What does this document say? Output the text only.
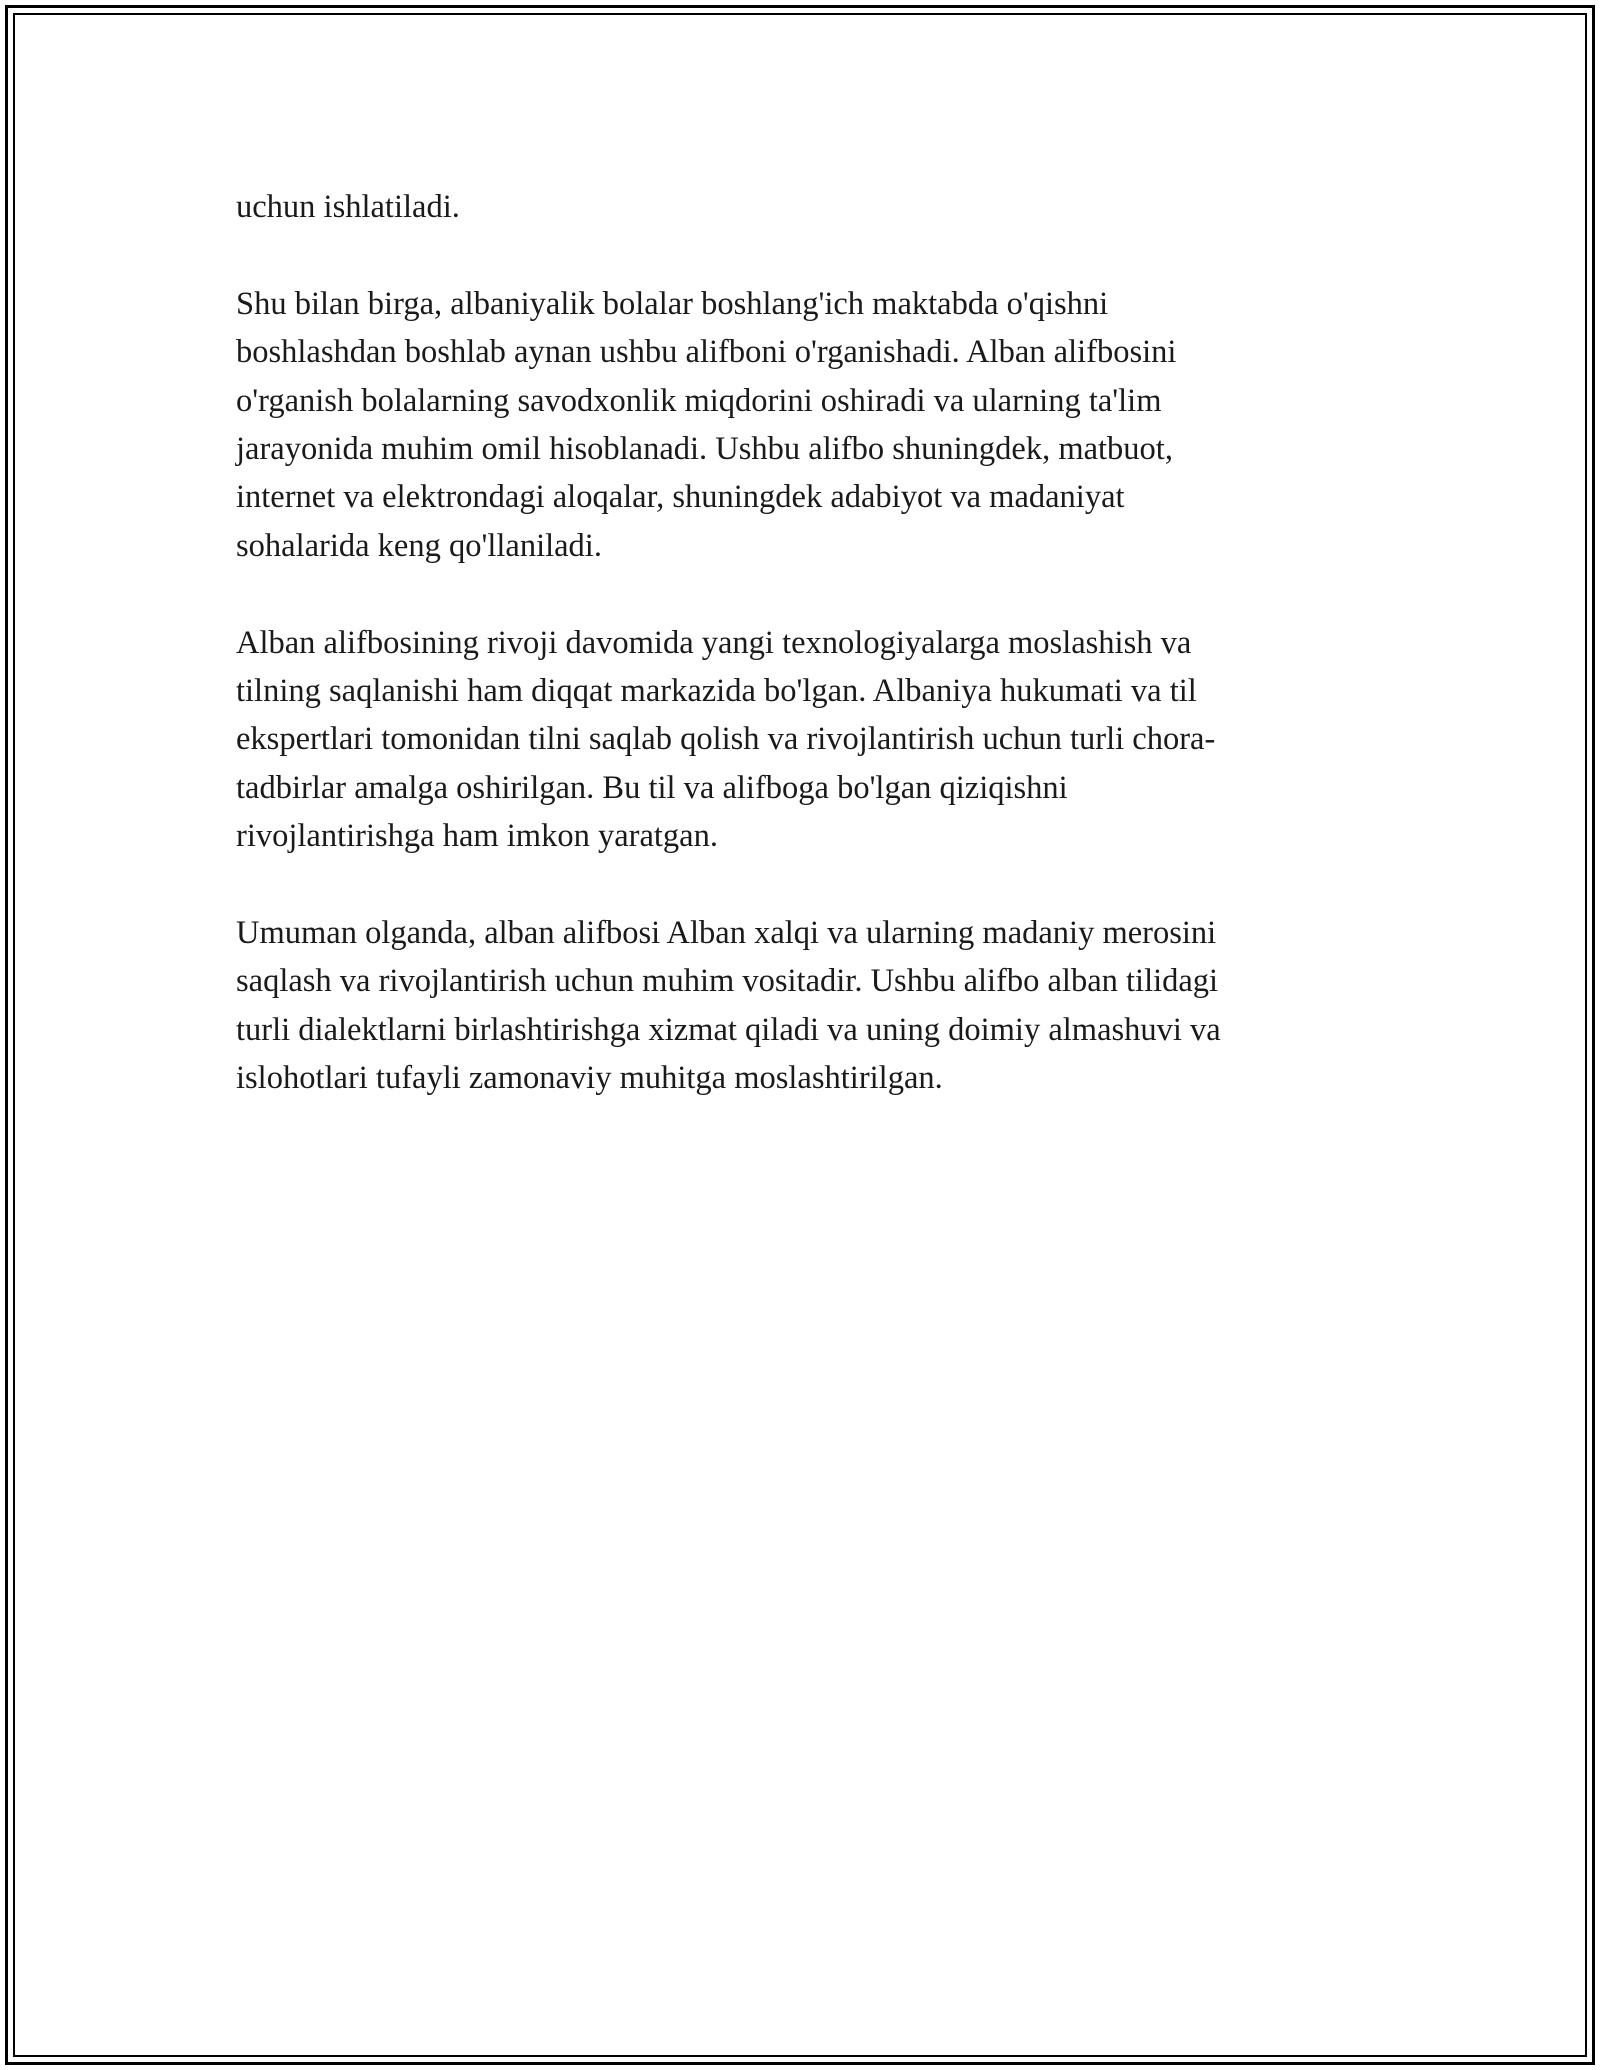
uchun ishlatiladi.

Shu bilan birga, albaniyalik bolalar boshlang'ich maktabda o'qishni
boshlashdan boshlab aynan ushbu alifboni o'rganishadi. Alban alifbosini
o'rganish bolalarning savodxonlik miqdorini oshiradi va ularning ta'lim
jarayonida muhim omil hisoblanadi. Ushbu alifbo shuningdek, matbuot,
internet va elektrondagi aloqalar, shuningdek adabiyot va madaniyat
sohalarida keng qo'llaniladi.

Alban alifbosining rivoji davomida yangi texnologiyalarga moslashish va
tilning saqlanishi ham diqqat markazida bo'lgan. Albaniya hukumati va til
ekspertlari tomonidan tilni saqlab qolish va rivojlantirish uchun turli chora-
tadbirlar amalga oshirilgan. Bu til va alifboga bo'lgan qiziqishni
rivojlantirishga ham imkon yaratgan.

Umuman olganda, alban alifbosi Alban xalqi va ularning madaniy merosini
saqlash va rivojlantirish uchun muhim vositadir. Ushbu alifbo alban tilidagi
turli dialektlarni birlashtirishga xizmat qiladi va uning doimiy almashuvi va
islohotlari tufayli zamonaviy muhitga moslashtirilgan.
